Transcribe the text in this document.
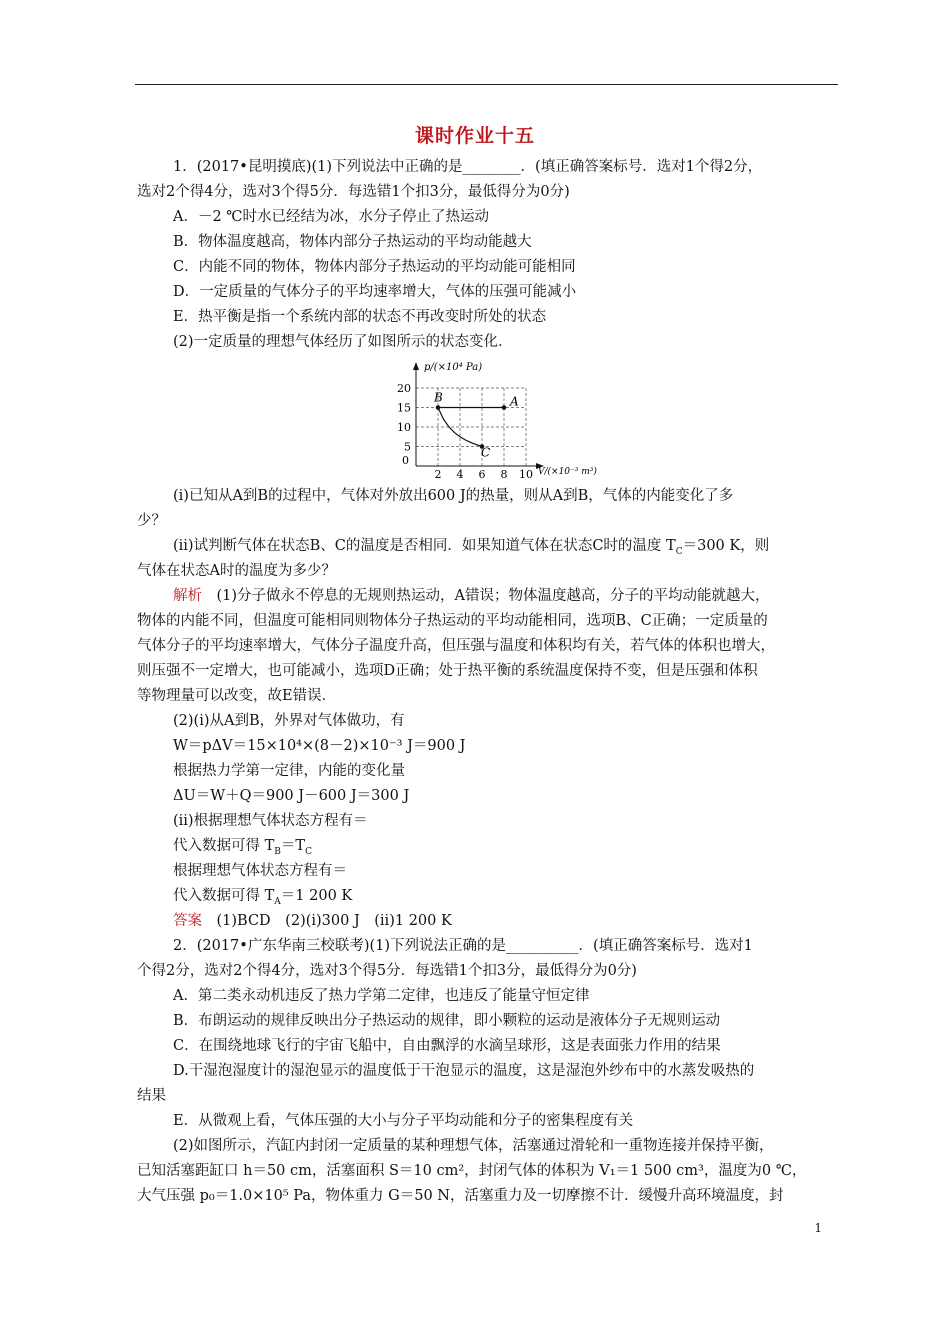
课时作业十五
1．(2017•昆明摸底)(1)下列说法中正确的是________．(填正确答案标号．选对1个得2分，
选对2个得4分，选对3个得5分．每选错1个扣3分，最低得分为0分)
A．－2 ℃时水已经结为冰，水分子停止了热运动
B．物体温度越高，物体内部分子热运动的平均动能越大
C．内能不同的物体，物体内部分子热运动的平均动能可能相同
D．一定质量的气体分子的平均速率增大，气体的压强可能减小
E．热平衡是指一个系统内部的状态不再改变时所处的状态
(2)一定质量的理想气体经历了如图所示的状态变化．
p/(×10⁴ Pa)
V/(×10⁻³ m³)
0
2 4 6 8 10
5
10
15
20
A
B
C
(ⅰ)已知从A到B的过程中，气体对外放出600 J的热量，则从A到B，气体的内能变化了多
少？
(ⅱ)试判断气体在状态B、C的温度是否相同．如果知道气体在状态C时的温度 $T_C=300$ K，则
气体在状态A时的温度为多少？
解析　(1)分子做永不停息的无规则热运动，A错误；物体温度越高，分子的平均动能就越大，
物体的内能不同，但温度可能相同则物体分子热运动的平均动能相同，选项B、C正确；一定质量的
气体分子的平均速率增大，气体分子温度升高，但压强与温度和体积均有关，若气体的体积也增大，
则压强不一定增大，也可能减小，选项D正确；处于热平衡的系统温度保持不变，但是压强和体积
等物理量可以改变，故E错误．
(2)(ⅰ)从A到B，外界对气体做功，有
W＝pΔV＝15×10⁴×(8－2)×10⁻³ J＝900 J
根据热力学第一定律，内能的变化量
ΔU＝W＋Q＝900 J－600 J＝300 J
(ⅱ)根据理想气体状态方程有＝
代入数据可得 $T_B=T_C$
根据理想气体状态方程有＝
代入数据可得 $T_A=1$ 200 K
答案　(1)BCD　(2)(ⅰ)300 J　(ⅱ)1 200 K
2．(2017•广东华南三校联考)(1)下列说法正确的是__________．(填正确答案标号．选对1
个得2分，选对2个得4分，选对3个得5分．每选错1个扣3分，最低得分为0分)
A．第二类永动机违反了热力学第二定律，也违反了能量守恒定律
B．布朗运动的规律反映出分子热运动的规律，即小颗粒的运动是液体分子无规则运动
C．在围绕地球飞行的宇宙飞船中，自由飘浮的水滴呈球形，这是表面张力作用的结果
D.干湿泡湿度计的湿泡显示的温度低于干泡显示的温度，这是湿泡外纱布中的水蒸发吸热的
结果
E．从微观上看，气体压强的大小与分子平均动能和分子的密集程度有关
(2)如图所示，汽缸内封闭一定质量的某种理想气体，活塞通过滑轮和一重物连接并保持平衡，
已知活塞距缸口 h＝50 cm，活塞面积 S＝10 cm²，封闭气体的体积为 V₁＝1 500 cm³，温度为0 ℃，
大气压强 p₀＝1.0×10⁵ Pa，物体重力 G＝50 N，活塞重力及一切摩擦不计．缓慢升高环境温度，封
1
